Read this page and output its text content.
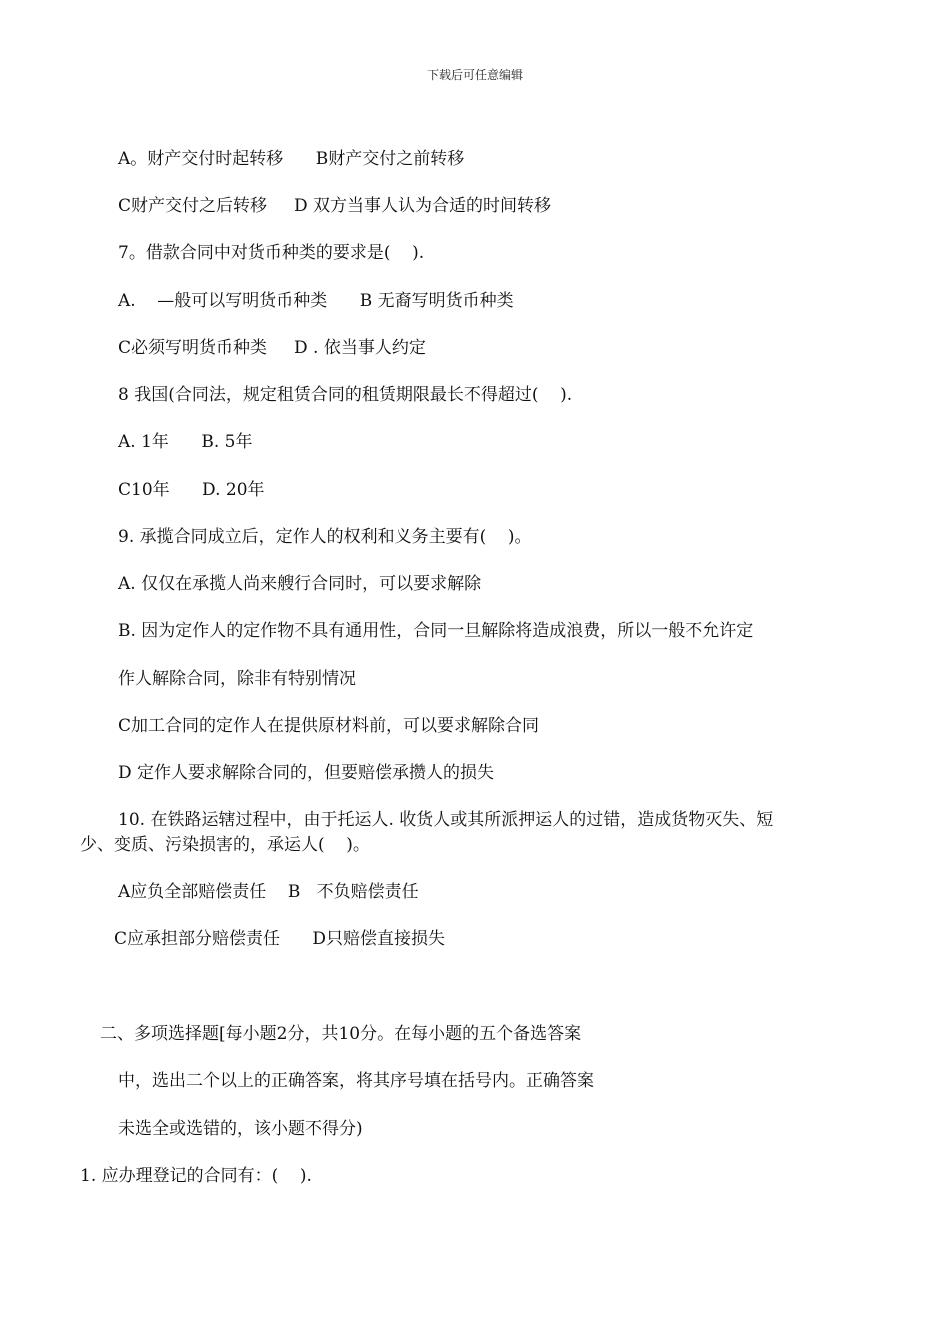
下载后可任意编辑
A。财产交付时起转移      B财产交付之前转移
C财产交付之后转移     D 双方当事人认为合适的时间转移
7。借款合同中对货币种类的要求是(    ).
A.    —般可以写明货币种类      B 无裔写明货币种类
C必须写明货币种类     D . 依当事人约定
8 我国(合同法，规定租赁合同的租赁期限最长不得超过(    ).
A. 1年      B. 5年
C10年      D. 20年
9. 承揽合同成立后，定作人的权利和义务主要有(    )。
A. 仅仅在承揽人尚来艘行合同时，可以要求解除
B. 因为定作人的定作物不具有通用性，合同一旦解除将造成浪费，所以一般不允许定
作人解除合同，除非有特别情况
C加工合同的定作人在提供原材料前，可以要求解除合同
D 定作人要求解除合同的，但要赔偿承攒人的损失
10. 在铁路运辖过程中，由于托运人. 收货人或其所派押运人的过错，造成货物灭失、短
少、变质、污染损害的，承运人(    )。
A应负全部赔偿责任    B   不负赔偿责任
C应承担部分赔偿责任      D只赔偿直接损失
二、多项选择题[每小题2分，共10分。在每小题的五个备选答案
中，选出二个以上的正确答案，将其序号填在括号内。正确答案
未选全或选错的，该小题不得分)
1. 应办理登记的合同有：(    ).
